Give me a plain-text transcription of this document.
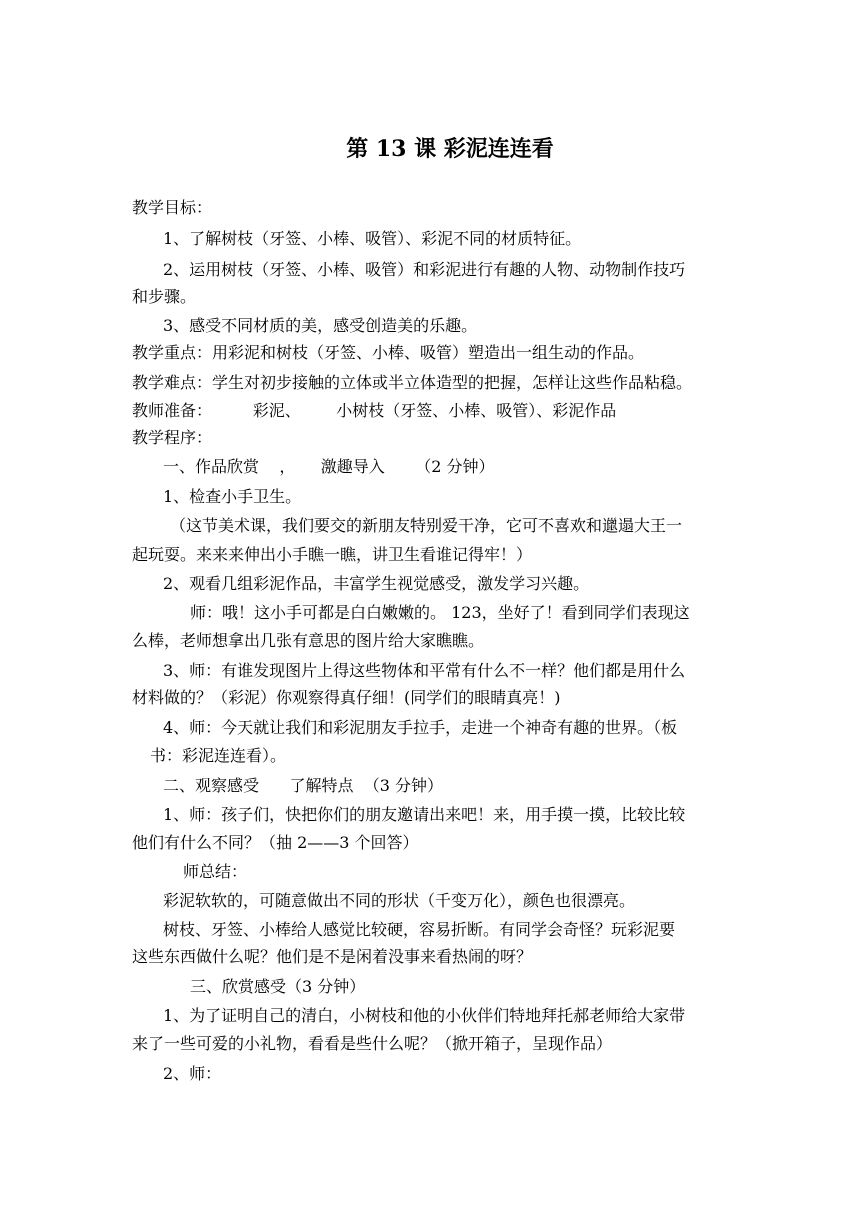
第 13 课 彩泥连连看
教学目标：
1、了解树枝（牙签、小棒、吸管）、彩泥不同的材质特征。
2、运用树枝（牙签、小棒、吸管）和彩泥进行有趣的人物、动物制作技巧
和步骤。
3、感受不同材质的美，感受创造美的乐趣。
教学重点：用彩泥和树枝（牙签、小棒、吸管）塑造出一组生动的作品。
教学难点：学生对初步接触的立体或半立体造型的把握，怎样让这些作品粘稳。
教师准备：        彩泥、       小树枝（牙签、小棒、吸管）、彩泥作品
教学程序：
一、作品欣赏    ，     激趣导入      （2 分钟）
1、检查小手卫生。
（这节美术课，我们要交的新朋友特别爱干净，它可不喜欢和邋遢大王一
起玩耍。来来来伸出小手瞧一瞧，讲卫生看谁记得牢！）
2、观看几组彩泥作品，丰富学生视觉感受，激发学习兴趣。
师：哦！这小手可都是白白嫩嫩的。 123，坐好了！看到同学们表现这
么棒，老师想拿出几张有意思的图片给大家瞧瞧。
3、师：有谁发现图片上得这些物体和平常有什么不一样？他们都是用什么
材料做的？（彩泥）你观察得真仔细！(同学们的眼睛真亮！)
4、师：今天就让我们和彩泥朋友手拉手，走进一个神奇有趣的世界。（板
书：彩泥连连看）。
二、观察感受      了解特点  （3 分钟）
1、师：孩子们，快把你们的朋友邀请出来吧！来，用手摸一摸，比较比较
他们有什么不同？（抽 2——3 个回答）
师总结：
彩泥软软的，可随意做出不同的形状（千变万化），颜色也很漂亮。
树枝、牙签、小棒给人感觉比较硬，容易折断。有同学会奇怪？玩彩泥要
这些东西做什么呢？他们是不是闲着没事来看热闹的呀？
三、欣赏感受（3 分钟）
1、为了证明自己的清白，小树枝和他的小伙伴们特地拜托郝老师给大家带
来了一些可爱的小礼物，看看是些什么呢？（掀开箱子，呈现作品）
2、师：
